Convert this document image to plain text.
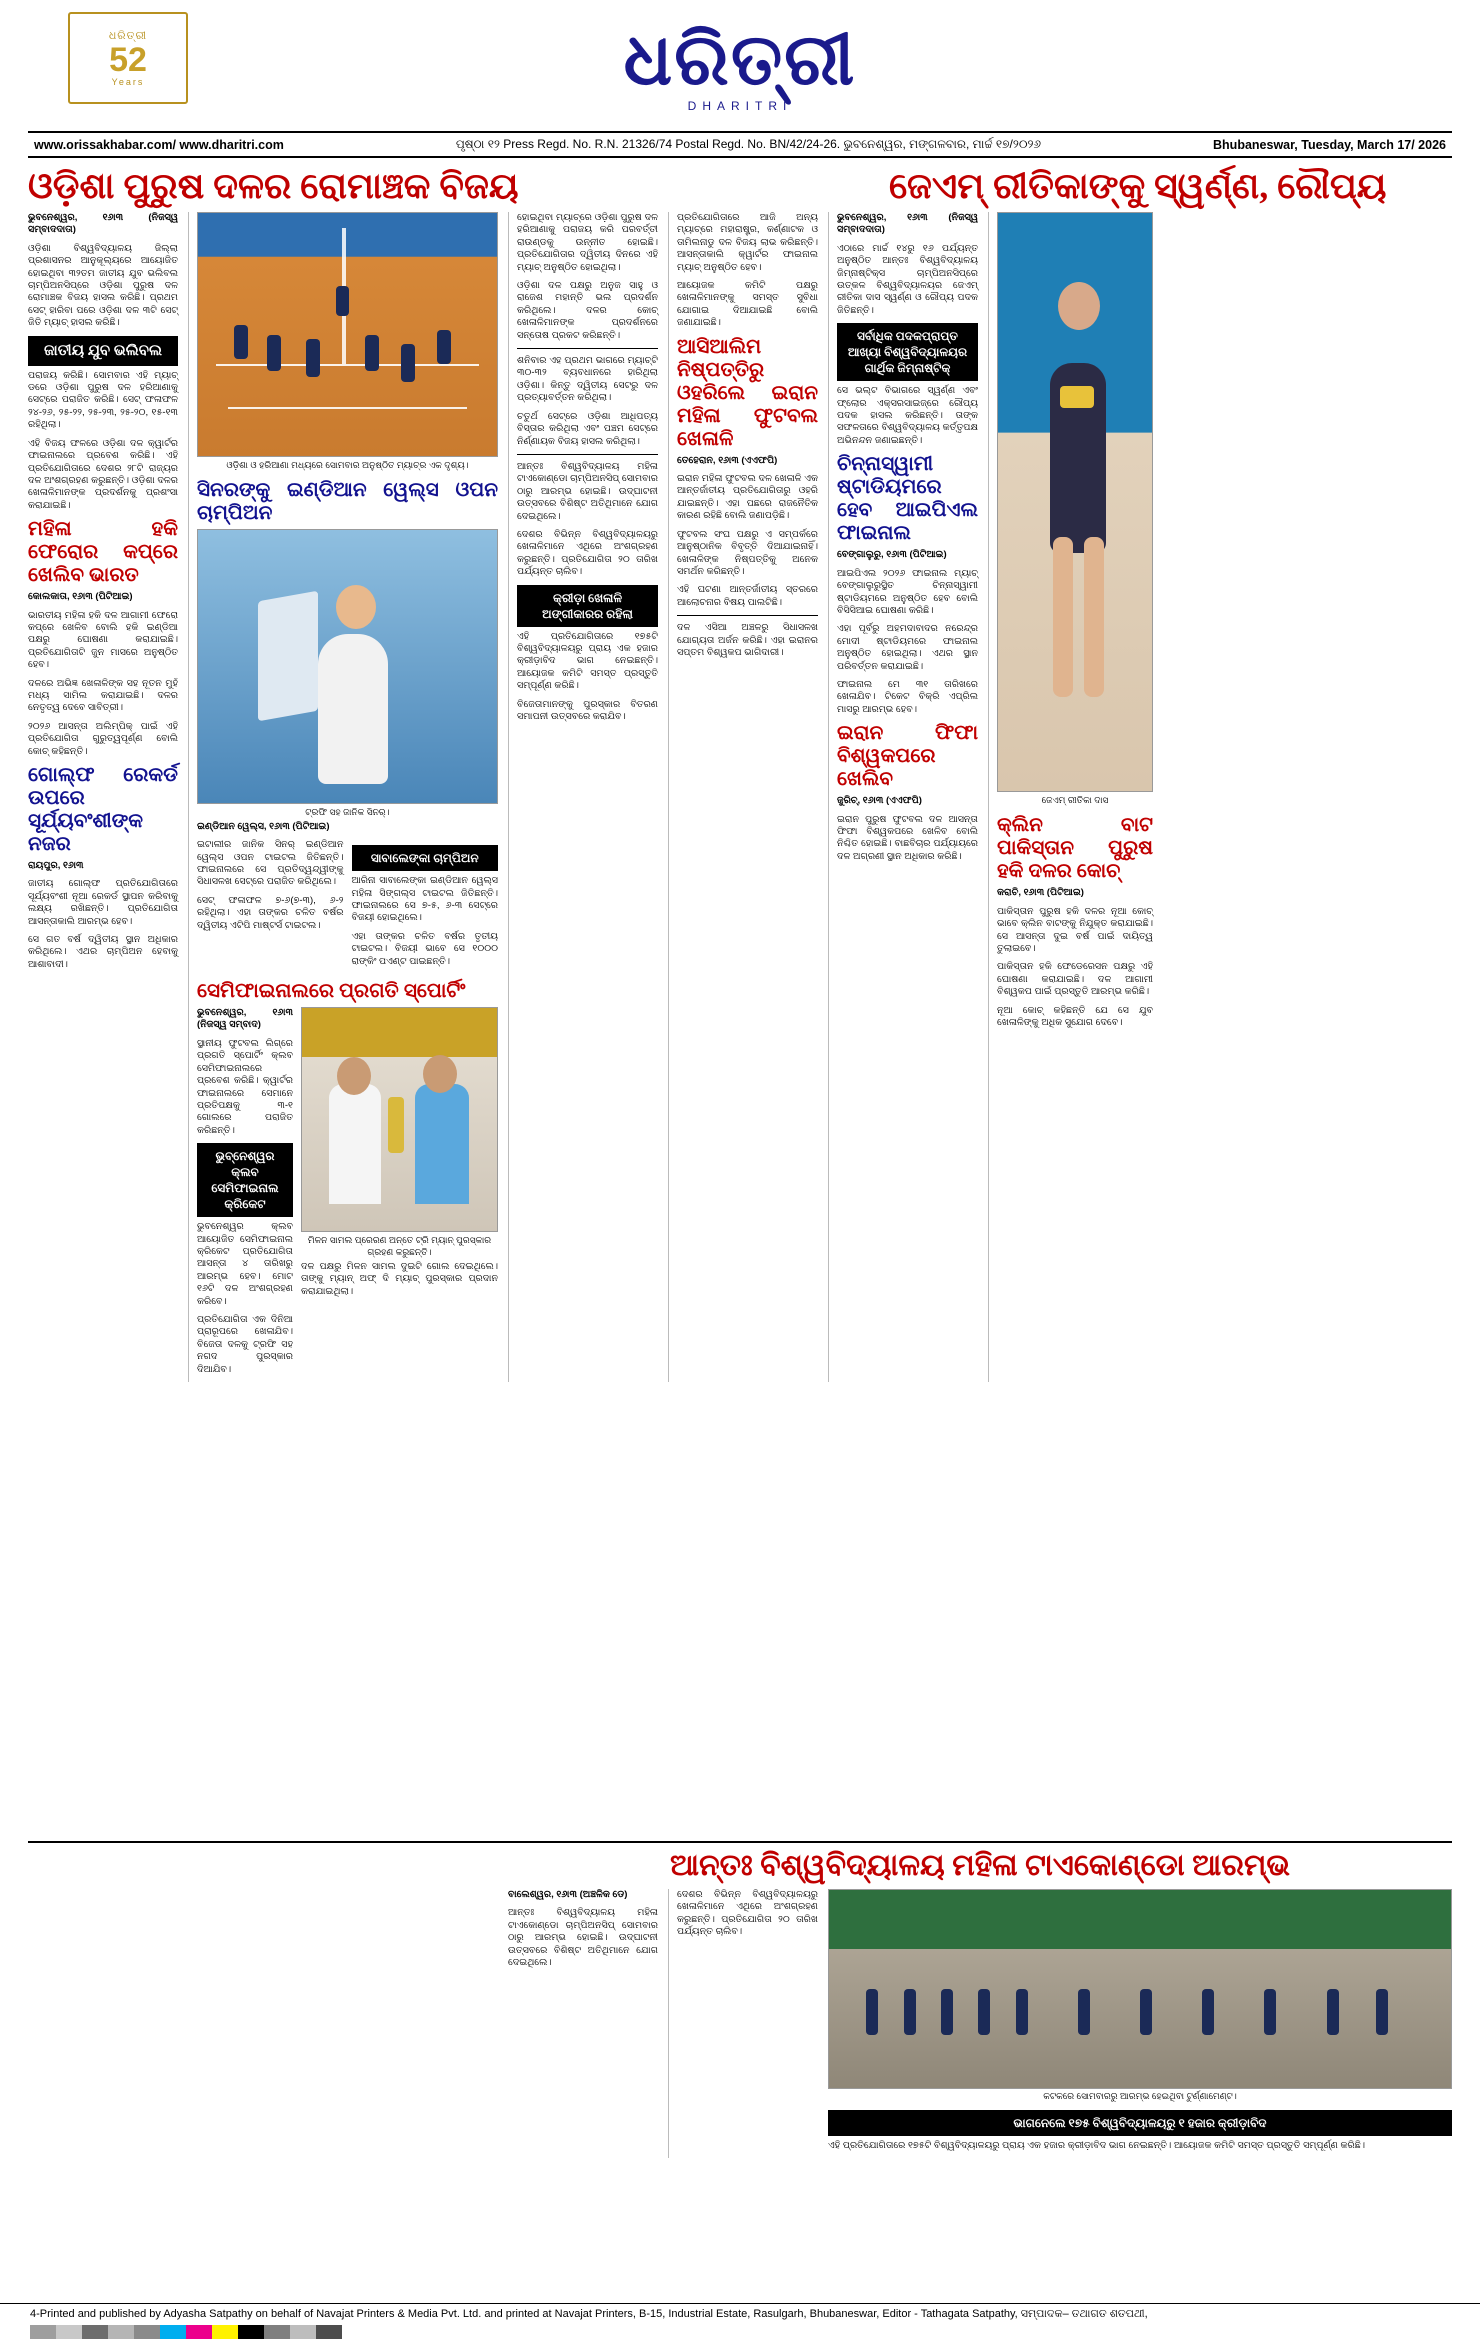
ଧରିତ୍ରୀ
52
Years	ଧରିତ୍ରୀ
DHARITRI
www.orissakhabar.com/ www.dharitri.com	ପୃଷ୍ଠା ୧୨ Press Regd. No. R.N. 21326/74 Postal Regd. No. BN/42/24-26. ଭୁବନେଶ୍ୱର, ମଙ୍ଗଳବାର, ମାର୍ଚ୍ଚ ୧୭/୨୦୨୬	Bhubaneswar, Tuesday, March 17/ 2026
ଓଡ଼ିଶା ପୁରୁଷ ଦଳର ରୋମାଞ୍ଚକ ବିଜୟ	ଜେଏମ୍ ରୀତିକାଙ୍କୁ ସ୍ୱର୍ଣ୍ଣ, ରୌପ୍ୟ

ଭୁବନେଶ୍ୱର, ୧୬ା୩ (ନିଜସ୍ୱ ସମ୍ବାଦଦାତା)

ଓଡ଼ିଶା ବିଶ୍ୱବିଦ୍ୟାଳୟ ଜିଲ୍ଲା ପ୍ରଶାସନର ଆନୁକୂଲ୍ୟରେ ଆୟୋଜିତ ହୋଇଥିବା ୩୨ତମ ଜାତୀୟ ଯୁବ ଭଲିବଲ ଚାମ୍ପିଅନସିପ୍‌ରେ ଓଡ଼ିଶା ପୁରୁଷ ଦଳ ରୋମାଞ୍ଚକ ବିଜୟ ହାସଲ କରିଛି। ପ୍ରଥମ ସେଟ୍ ହାରିବା ପରେ ଓଡ଼ିଶା ଦଳ ୩ଟି ସେଟ୍ ଜିତି ମ୍ୟାଚ୍ ହାସଲ କରିଛି।

ଜାତୀୟ ଯୁବ ଭଲିବଲ

ପରାଜୟ କରିଛି। ସୋମବାର ଏହି ମ୍ୟାଚ୍ ଡରେ ଓଡ଼ିଶା ପୁରୁଷ ଦଳ ହରିଆଣାକୁ ସେଟ୍‌ରେ ପରାଜିତ କରିଛି। ସେଟ୍ ଫଳାଫଳ ୨୪-୨୬, ୨୫-୨୨, ୨୫-୨୩, ୨୫-୨୦, ୧୫-୧୩ ରହିଥିଲା।

ଏହି ବିଜୟ ଫଳରେ ଓଡ଼ିଶା ଦଳ କ୍ୱାର୍ଟର ଫାଇନାଲରେ ପ୍ରବେଶ କରିଛି। ଏହି ପ୍ରତିଯୋଗିତାରେ ଦେଶର ୨୮ଟି ରାଜ୍ୟର ଦଳ ଅଂଶଗ୍ରହଣ କରୁଛନ୍ତି। ଓଡ଼ିଶା ଦଳର ଖେଳାଳିମାନଙ୍କ ପ୍ରଦର୍ଶନକୁ ପ୍ରଶଂସା କରାଯାଇଛି।

ମହିଳା ହକି ଫେରୋର କପ୍‌ରେ ଖେଲିବ ଭାରତ

କୋଲକାତା, ୧୬ା୩ (ପିଟିଆଇ)

ଭାରତୀୟ ମହିଳା ହକି ଦଳ ଆଗାମୀ ଫେରୋ କପ୍‌ରେ ଖେଳିବ ବୋଲି ହକି ଇଣ୍ଡିଆ ପକ୍ଷରୁ ଘୋଷଣା କରାଯାଇଛି। ପ୍ରତିଯୋଗିତାଟି ଜୁନ ମାସରେ ଅନୁଷ୍ଠିତ ହେବ।

ଦଳରେ ଅଭିଜ୍ଞ ଖେଳାଳିଙ୍କ ସହ ନୂତନ ମୁହଁ ମଧ୍ୟ ସାମିଲ କରାଯାଇଛି। ଦଳର ନେତୃତ୍ୱ ଦେବେ ସାବିତ୍ରୀ।

୨୦୨୬ ଆସନ୍ତା ଅଲିମ୍ପିକ୍ ପାଇଁ ଏହି ପ୍ରତିଯୋଗିତା ଗୁରୁତ୍ୱପୂର୍ଣ୍ଣ ବୋଲି କୋଚ୍ କହିଛନ୍ତି।

ଗୋଲ୍ଫ ରେକର୍ଡ ଉପରେ ସୂର୍ଯ୍ୟବଂଶୀଙ୍କ ନଜର

ରାୟପୁର, ୧୬ା୩

ଜାତୀୟ ଗୋଲ୍ଫ ପ୍ରତିଯୋଗିତାରେ ସୂର୍ଯ୍ୟବଂଶୀ ନୂଆ ରେକର୍ଡ ସ୍ଥାପନ କରିବାକୁ ଲକ୍ଷ୍ୟ ରଖିଛନ୍ତି। ପ୍ରତିଯୋଗିତା ଆସନ୍ତାକାଲି ଆରମ୍ଭ ହେବ।

ସେ ଗତ ବର୍ଷ ଦ୍ୱିତୀୟ ସ୍ଥାନ ଅଧିକାର କରିଥିଲେ। ଏଥର ଚାମ୍ପିଅନ ହେବାକୁ ଆଶାବାଦୀ।

ଓଡ଼ିଶା ଓ ହରିଆଣା ମଧ୍ୟରେ ସୋମବାର ଅନୁଷ୍ଠିତ ମ୍ୟାଚ୍‌ର ଏକ ଦୃଶ୍ୟ।
ସିନରଙ୍କୁ ଇଣ୍ଡିଆନ ୱେଲ୍‌ସ ଓପନ ଚାମ୍ପିଅନ
ଟ୍ରଫି ସହ ଜାନିକ ସିନର୍।

ଇଣ୍ଡିଆନ ୱେଲ୍‌ସ, ୧୬ା୩ (ପିଟିଆଇ)

ଇଟାଲୀର ଜାନିକ ସିନର୍ ଇଣ୍ଡିଆନ ୱେଲ୍‌ସ ଓପନ ଟାଇଟଲ ଜିତିଛନ୍ତି। ଫାଇନାଲରେ ସେ ପ୍ରତିଦ୍ୱନ୍ଦ୍ୱୀଙ୍କୁ ସିଧାସଳଖ ସେଟ୍‌ରେ ପରାଜିତ କରିଥିଲେ।

ସେଟ୍ ଫଳାଫଳ ୭-୬(୭-୩), ୬-୨ ରହିଥିଲା। ଏହା ତାଙ୍କର ଚଳିତ ବର୍ଷର ଦ୍ୱିତୀୟ ଏଟିପି ମାଷ୍ଟର୍ସ ଟାଇଟଲ।

ସାବାଲେଙ୍କା ଚାମ୍ପିଅନ

ଆରିନା ସାବାଲେଙ୍କା ଇଣ୍ଡିଆନ ୱେଲ୍‌ସ ମହିଳା ସିଙ୍ଗଲ୍ସ ଟାଇଟଲ ଜିତିଛନ୍ତି। ଫାଇନାଲରେ ସେ ୭-୫, ୬-୩ ସେଟ୍‌ରେ ବିଜୟୀ ହୋଇଥିଲେ।

ଏହା ତାଙ୍କର ଚଳିତ ବର୍ଷର ତୃତୀୟ ଟାଇଟଲ। ବିଜୟୀ ଭାବେ ସେ ୧୦୦୦ ରାଙ୍କିଂ ପଏଣ୍ଟ ପାଇଛନ୍ତି।

ସେମିଫାଇନାଲରେ ପ୍ରଗତି ସ୍ପୋର୍ଟିଂ

ଭୁବନେଶ୍ୱର, ୧୬ା୩ (ନିଜସ୍ୱ ସମ୍ବାଦ)

ସ୍ଥାନୀୟ ଫୁଟବଲ ଲିଗ୍‌ରେ ପ୍ରଗତି ସ୍ପୋର୍ଟିଂ କ୍ଲବ ସେମିଫାଇନାଲରେ ପ୍ରବେଶ କରିଛି। କ୍ୱାର୍ଟର ଫାଇନାଲରେ ସେମାନେ ପ୍ରତିପକ୍ଷକୁ ୩-୧ ଗୋଲରେ ପରାଜିତ କରିଛନ୍ତି।

ଭୁବ୍ନେଶ୍ୱର କ୍ଲବ ସେମିଫାଇନାଲ କ୍ରିକେଟ

ଭୁବନେଶ୍ୱର କ୍ଲବ ଆୟୋଜିତ ସେମିଫାଇନାଲ କ୍ରିକେଟ ପ୍ରତିଯୋଗିତା ଆସନ୍ତା ୪ ତାରିଖରୁ ଆରମ୍ଭ ହେବ। ମୋଟ ୧୬ଟି ଦଳ ଅଂଶଗ୍ରହଣ କରିବେ।

ପ୍ରତିଯୋଗିତା ଏକ ଦିନିଆ ପ୍ରାରୂପରେ ଖେଳାଯିବ। ବିଜେତା ଦଳକୁ ଟ୍ରଫି ସହ ନଗଦ ପୁରସ୍କାର ଦିଆଯିବ।

ମିଳନ ସାମଲ ପ୍ରେରଣ ଅନ୍ତେ ଟ୍ରି ମ୍ୟାନ୍ ପୁରସ୍କାର ଗ୍ରହଣ କରୁଛନ୍ତି।

ଦଳ ପକ୍ଷରୁ ମିଳନ ସାମଲ ଦୁଇଟି ଗୋଲ ଦେଇଥିଲେ। ତାଙ୍କୁ ମ୍ୟାନ୍ ଅଫ୍ ଦି ମ୍ୟାଚ୍ ପୁରସ୍କାର ପ୍ରଦାନ କରାଯାଇଥିଲା।

ହୋଇଥିବା ମ୍ୟାଚ୍‌ରେ ଓଡ଼ିଶା ପୁରୁଷ ଦଳ ହରିଆଣାକୁ ପରାଜୟ କରି ପରବର୍ତ୍ତୀ ରାଉଣ୍ଡକୁ ଉନ୍ନୀତ ହୋଇଛି। ପ୍ରତିଯୋଗିତାର ଦ୍ୱିତୀୟ ଦିନରେ ଏହି ମ୍ୟାଚ୍ ଅନୁଷ୍ଠିତ ହୋଇଥିଲା।

ଓଡ଼ିଶା ଦଳ ପକ୍ଷରୁ ଅନୁଜ ସାହୁ ଓ ରାଜେଶ ମହାନ୍ତି ଭଲ ପ୍ରଦର୍ଶନ କରିଥିଲେ। ଦଳର କୋଚ୍ ଖେଳାଳିମାନଙ୍କ ପ୍ରଦର୍ଶନରେ ସନ୍ତୋଷ ପ୍ରକଟ କରିଛନ୍ତି।

ଶନିବାର ଏହ ପ୍ରଥମ ଭାଗରେ ମ୍ୟାଚ୍‌ଟି ୩୦-୩୨ ବ୍ୟବଧାନରେ ହାରିଥିଲା ଓଡ଼ିଶା। କିନ୍ତୁ ଦ୍ୱିତୀୟ ସେଟରୁ ଦଳ ପ୍ରତ୍ୟାବର୍ତ୍ତନ କରିଥିଲା।

ଚତୁର୍ଥ ସେଟ୍‌ରେ ଓଡ଼ିଶା ଆଧିପତ୍ୟ ବିସ୍ତାର କରିଥିଲା ଏବଂ ପଞ୍ଚମ ସେଟ୍‌ରେ ନିର୍ଣ୍ଣାୟକ ବିଜୟ ହାସଲ କରିଥିଲା।

ଆନ୍ତଃ ବିଶ୍ୱବିଦ୍ୟାଳୟ ମହିଳା ଟାଏକୋଣ୍ଡୋ ଚାମ୍ପିଅନସିପ୍ ସୋମବାର ଠାରୁ ଆରମ୍ଭ ହୋଇଛି। ଉଦ୍‌ଘାଟନୀ ଉତ୍ସବରେ ବିଶିଷ୍ଟ ଅତିଥିମାନେ ଯୋଗ ଦେଇଥିଲେ।

ଦେଶର ବିଭିନ୍ନ ବିଶ୍ୱବିଦ୍ୟାଳୟରୁ ଖେଳାଳିମାନେ ଏଥିରେ ଅଂଶଗ୍ରହଣ କରୁଛନ୍ତି। ପ୍ରତିଯୋଗିତା ୨୦ ତାରିଖ ପର୍ଯ୍ୟନ୍ତ ଚାଲିବ।

କ୍ରୀଡ଼ା ଖେଳାଳି ଅଙ୍ଗୀକାରର ରହିଲା

ଏହି ପ୍ରତିଯୋଗିତାରେ ୧୭୫ଟି ବିଶ୍ୱବିଦ୍ୟାଳୟରୁ ପ୍ରାୟ ଏକ ହଜାର କ୍ରୀଡ଼ାବିଦ ଭାଗ ନେଇଛନ୍ତି। ଆୟୋଜକ କମିଟି ସମସ୍ତ ପ୍ରସ୍ତୁତି ସମ୍ପୂର୍ଣ୍ଣ କରିଛି।

ବିଜେତାମାନଙ୍କୁ ପୁରସ୍କାର ବିତରଣ ସମାପନୀ ଉତ୍ସବରେ କରାଯିବ।

ପ୍ରତିଯୋଗିତାରେ ଆଜି ଅନ୍ୟ ମ୍ୟାଚ୍‌ରେ ମହାରାଷ୍ଟ୍ର, କର୍ଣ୍ଣାଟକ ଓ ତାମିଲନାଡୁ ଦଳ ବିଜୟ ଲାଭ କରିଛନ୍ତି। ଆସନ୍ତାକାଲି କ୍ୱାର୍ଟର ଫାଇନାଲ ମ୍ୟାଚ୍ ଅନୁଷ୍ଠିତ ହେବ।

ଆୟୋଜକ କମିଟି ପକ୍ଷରୁ ଖେଳାଳିମାନଙ୍କୁ ସମସ୍ତ ସୁବିଧା ଯୋଗାଇ ଦିଆଯାଇଛି ବୋଲି ଜଣାଯାଇଛି।

ଆସିଆଲିମ ନିଷ୍ପତ୍ତିରୁ ଓହରିଲେ ଇରାନ ମହିଳା ଫୁଟବଲ ଖେଳାଳି

ତେହେରାନ, ୧୬ା୩ (ଏଏଫପି)

ଇରାନ ମହିଳା ଫୁଟବଲ ଦଳ ଖେଳାଳି ଏକ ଆନ୍ତର୍ଜାତୀୟ ପ୍ରତିଯୋଗିତାରୁ ଓହରି ଯାଇଛନ୍ତି। ଏହା ପଛରେ ରାଜନୈତିକ କାରଣ ରହିଛି ବୋଲି ଜଣାପଡ଼ିଛି।

ଫୁଟବଲ ସଂଘ ପକ୍ଷରୁ ଏ ସମ୍ପର୍କରେ ଆନୁଷ୍ଠାନିକ ବିବୃତ୍ତି ଦିଆଯାଇନାହିଁ। ଖେଳାଳିଙ୍କ ନିଷ୍ପତ୍ତିକୁ ଅନେକ ସମର୍ଥନ କରିଛନ୍ତି।

ଏହି ଘଟଣା ଆନ୍ତର୍ଜାତୀୟ ସ୍ତରରେ ଆଲୋଚନାର ବିଷୟ ପାଲଟିଛି।

ଦଳ ଏସିଆ ଅଞ୍ଚଳରୁ ସିଧାସଳଖ ଯୋଗ୍ୟତା ଅର୍ଜନ କରିଛି। ଏହା ଇରାନର ସପ୍ତମ ବିଶ୍ୱକପ ଭାଗିଦାରୀ।

ଭୁବନେଶ୍ୱର, ୧୬ା୩ (ନିଜସ୍ୱ ସମ୍ବାଦଦାତା)

ଏଠାରେ ମାର୍ଚ୍ଚ ୧୪ରୁ ୧୬ ପର୍ଯ୍ୟନ୍ତ ଅନୁଷ୍ଠିତ ଆନ୍ତଃ ବିଶ୍ୱବିଦ୍ୟାଳୟ ଜିମ୍ନାଷ୍ଟିକ୍ସ ଚାମ୍ପିଅନସିପ୍‌ରେ ଉତ୍କଳ ବିଶ୍ୱବିଦ୍ୟାଳୟର ଜେଏମ୍ ରୀତିକା ଦାସ ସ୍ୱର୍ଣ୍ଣ ଓ ରୌପ୍ୟ ପଦକ ଜିତିଛନ୍ତି।

ସର୍ବାଧିକ ପଦକପ୍ରାପ୍ତ ଆଖ୍ୟା ବିଶ୍ୱବିଦ୍ୟାଳୟର ଗାର୍ଥିକ ଜିମ୍ନାଷ୍ଟିକ୍

ସେ ଭଲ୍ଟ ବିଭାଗରେ ସ୍ୱର୍ଣ୍ଣ ଏବଂ ଫ୍ଲୋର ଏକ୍ସରସାଇଜ୍‌ରେ ରୌପ୍ୟ ପଦକ ହାସଲ କରିଛନ୍ତି। ତାଙ୍କ ସଫଳତାରେ ବିଶ୍ୱବିଦ୍ୟାଳୟ କର୍ତ୍ତୃପକ୍ଷ ଅଭିନନ୍ଦନ ଜଣାଇଛନ୍ତି।

ଚିନ୍ନାସ୍ୱାମୀ ଷ୍ଟାଡିୟମରେ ହେବ ଆଇପିଏଲ ଫାଇନାଲ

ବେଙ୍ଗାଲୁରୁ, ୧୬ା୩ (ପିଟିଆଇ)

ଆଇପିଏଲ ୨୦୨୬ ଫାଇନାଲ ମ୍ୟାଚ୍ ବେଙ୍ଗାଲୁରୁସ୍ଥିତ ଚିନ୍ନାସ୍ୱାମୀ ଷ୍ଟାଡିୟମରେ ଅନୁଷ୍ଠିତ ହେବ ବୋଲି ବିସିସିଆଇ ଘୋଷଣା କରିଛି।

ଏହା ପୂର୍ବରୁ ଅହମଦାବାଦର ନରେନ୍ଦ୍ର ମୋଦୀ ଷ୍ଟାଡିୟମରେ ଫାଇନାଲ ଅନୁଷ୍ଠିତ ହୋଇଥିଲା। ଏଥର ସ୍ଥାନ ପରିବର୍ତ୍ତନ କରାଯାଇଛି।

ଫାଇନାଲ ମେ ୩୧ ତାରିଖରେ ଖେଳାଯିବ। ଟିକେଟ ବିକ୍ରି ଏପ୍ରିଲ ମାସରୁ ଆରମ୍ଭ ହେବ।

ଇରାନ ଫିଫା ବିଶ୍ୱକପରେ ଖେଲିବ

ଜୁରିଚ୍‌, ୧୬ା୩ (ଏଏଫପି)

ଇରାନ ପୁରୁଷ ଫୁଟବଲ ଦଳ ଆସନ୍ତା ଫିଫା ବିଶ୍ୱକପରେ ଖେଳିବ ବୋଲି ନିଶ୍ଚିତ ହୋଇଛି। ବାଛବିଚାର ପର୍ଯ୍ୟାୟରେ ଦଳ ଅଗ୍ରଣୀ ସ୍ଥାନ ଅଧିକାର କରିଛି।

ଜେଏମ୍ ରୀତିକା ଦାସ
କ୍ଲିନ ବାଟ ପାକିସ୍ତାନ ପୁରୁଷ ହକି ଦଳର କୋଚ୍

କରାଚି, ୧୬ା୩ (ପିଟିଆଇ)

ପାକିସ୍ତାନ ପୁରୁଷ ହକି ଦଳର ନୂଆ କୋଚ୍ ଭାବେ କ୍ଲିନ ବାଟଙ୍କୁ ନିଯୁକ୍ତ କରାଯାଇଛି। ସେ ଆସନ୍ତା ଦୁଇ ବର୍ଷ ପାଇଁ ଦାୟିତ୍ୱ ତୁଲାଇବେ।

ପାକିସ୍ତାନ ହକି ଫେଡେରେସନ ପକ୍ଷରୁ ଏହି ଘୋଷଣା କରାଯାଇଛି। ଦଳ ଆଗାମୀ ବିଶ୍ୱକପ ପାଇଁ ପ୍ରସ୍ତୁତି ଆରମ୍ଭ କରିଛି।

ନୂଆ କୋଚ୍ କହିଛନ୍ତି ଯେ ସେ ଯୁବ ଖେଳାଳିଙ୍କୁ ଅଧିକ ସୁଯୋଗ ଦେବେ।

ଆନ୍ତଃ ବିଶ୍ୱବିଦ୍ୟାଳୟ ମହିଳା ଟାଏକୋଣ୍ଡୋ ଆରମ୍ଭ

ବାଲେଶ୍ୱର, ୧୬ା୩ (ଅଞ୍ଚଳିକ ଡେ)

ଆନ୍ତଃ ବିଶ୍ୱବିଦ୍ୟାଳୟ ମହିଳା ଟାଏକୋଣ୍ଡୋ ଚାମ୍ପିଅନସିପ୍ ସୋମବାର ଠାରୁ ଆରମ୍ଭ ହୋଇଛି। ଉଦ୍‌ଘାଟନୀ ଉତ୍ସବରେ ବିଶିଷ୍ଟ ଅତିଥିମାନେ ଯୋଗ ଦେଇଥିଲେ।

ଦେଶର ବିଭିନ୍ନ ବିଶ୍ୱବିଦ୍ୟାଳୟରୁ ଖେଳାଳିମାନେ ଏଥିରେ ଅଂଶଗ୍ରହଣ କରୁଛନ୍ତି। ପ୍ରତିଯୋଗିତା ୨୦ ତାରିଖ ପର୍ଯ୍ୟନ୍ତ ଚାଲିବ।

କଟକରେ ସୋମବାରରୁ ଆରମ୍ଭ ହେଇଥିବା ଟୁର୍ଣ୍ଣାମେଣ୍ଟ।
ଭାଗନେଲେ ୧୭୫ ବିଶ୍ୱବିଦ୍ୟାଳୟରୁ ୧ ହଜାର କ୍ରୀଡ଼ାବିଦ

ଏହି ପ୍ରତିଯୋଗିତାରେ ୧୭୫ଟି ବିଶ୍ୱବିଦ୍ୟାଳୟରୁ ପ୍ରାୟ ଏକ ହଜାର କ୍ରୀଡ଼ାବିଦ ଭାଗ ନେଇଛନ୍ତି। ଆୟୋଜକ କମିଟି ସମସ୍ତ ପ୍ରସ୍ତୁତି ସମ୍ପୂର୍ଣ୍ଣ କରିଛି।

4-Printed and published by Adyasha Satpathy on behalf of Navajat Printers & Media Pvt. Ltd. and printed at Navajat Printers, B-15, Industrial Estate, Rasulgarh, Bhubaneswar, Editor - Tathagata Satpathy, ସମ୍ପାଦକ– ତଥାଗତ ଶତପଥୀ,
